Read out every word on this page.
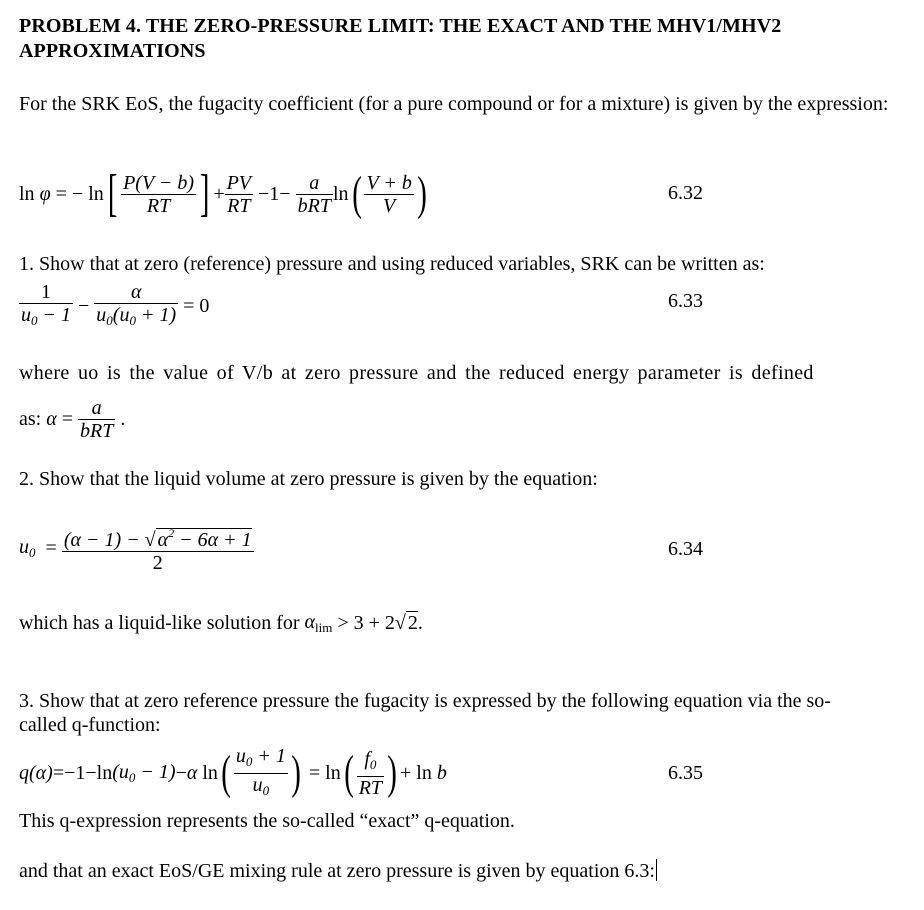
PROBLEM 4. THE ZERO-PRESSURE LIMIT: THE EXACT AND THE MHV1/MHV2
APPROXIMATIONS
For the SRK EoS, the fugacity coefficient (for a pure compound or for a mixture) is given by the expression:
ln φ = − ln [ $\frac{P(V - b)}{RT}$ ] + $\frac{PV}{RT} -1- \frac{a}{\text{bRT}}$ ln ( $\frac{V + b}{V}$ )	6.32
1. Show that at zero (reference) pressure and using reduced variables, SRK can be written as:
$\frac{1}{u_0 - 1} - \frac{\alpha}{u_0(u_0 + 1)} = 0$	6.33
where uo is the value of V/b at zero pressure and the reduced energy parameter is defined
as: $\alpha = \frac{a}{\text{bRT}}$ .
2. Show that the liquid volume at zero pressure is given by the equation:
$u_0 = \frac{(\alpha - 1) - √ \alpha^2 - 6\alpha + 1}{2}$	6.34
which has a liquid-like solution for $\alpha_{lim} > 3 + 2√$ 2.
3. Show that at zero reference pressure the fugacity is expressed by the following equation via the so-
called q-function:
q(α) =−1−ln $(u_0 - 1) - \alpha$ ln ( $\frac{u_0 + 1}{u_0}$ ) = ln ( $\frac{f_0}{RT}$ ) + ln b	6.35
This q-expression represents the so-called “exact” q-equation.
and that an exact EoS/GE mixing rule at zero pressure is given by equation 6.3:
